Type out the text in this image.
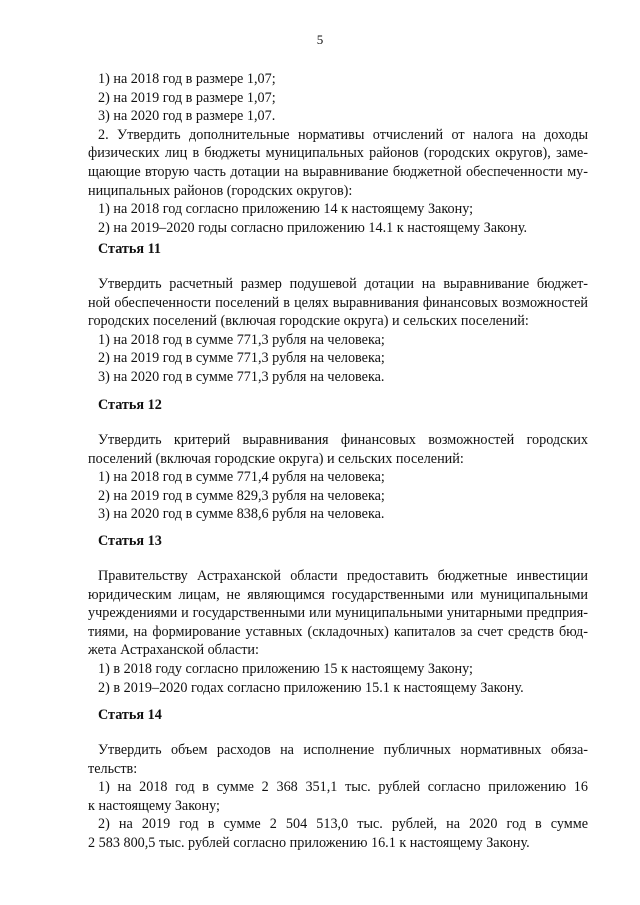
5

1) на 2018 год в размере 1,07;

2) на 2019 год в размере 1,07;

3) на 2020 год в размере 1,07.

2. Утвердить дополнительные нормативы отчислений от налога на доходы

физических лиц в бюджеты муниципальных районов (городских округов), заме-

щающие вторую часть дотации на выравнивание бюджетной обеспеченности му-

ниципальных районов (городских округов):

1) на 2018 год согласно приложению 14 к настоящему Закону;

2) на 2019–2020 годы согласно приложению 14.1 к настоящему Закону.

Статья 11

Утвердить расчетный размер подушевой дотации на выравнивание бюджет-

ной обеспеченности поселений в целях выравнивания финансовых возможностей

городских поселений (включая городские округа) и сельских поселений:

1) на 2018 год в сумме 771,3 рубля на человека;

2) на 2019 год в сумме 771,3 рубля на человека;

3) на 2020 год в сумме 771,3 рубля на человека.

Статья 12

Утвердить критерий выравнивания финансовых возможностей городских

поселений (включая городские округа) и сельских поселений:

1) на 2018 год в сумме 771,4 рубля на человека;

2) на 2019 год в сумме 829,3 рубля на человека;

3) на 2020 год в сумме 838,6 рубля на человека.

Статья 13

Правительству Астраханской области предоставить бюджетные инвестиции

юридическим лицам, не являющимся государственными или муниципальными

учреждениями и государственными или муниципальными унитарными предприя-

тиями, на формирование уставных (складочных) капиталов за счет средств бюд-

жета Астраханской области:

1) в 2018 году согласно приложению 15 к настоящему Закону;

2) в 2019–2020 годах согласно приложению 15.1 к настоящему Закону.

Статья 14

Утвердить объем расходов на исполнение публичных нормативных обяза-

тельств:

1) на 2018 год в сумме 2 368 351,1 тыс. рублей согласно приложению 16

к настоящему Закону;

2) на 2019 год в сумме 2 504 513,0 тыс. рублей, на 2020 год в сумме

2 583 800,5 тыс. рублей согласно приложению 16.1 к настоящему Закону.
